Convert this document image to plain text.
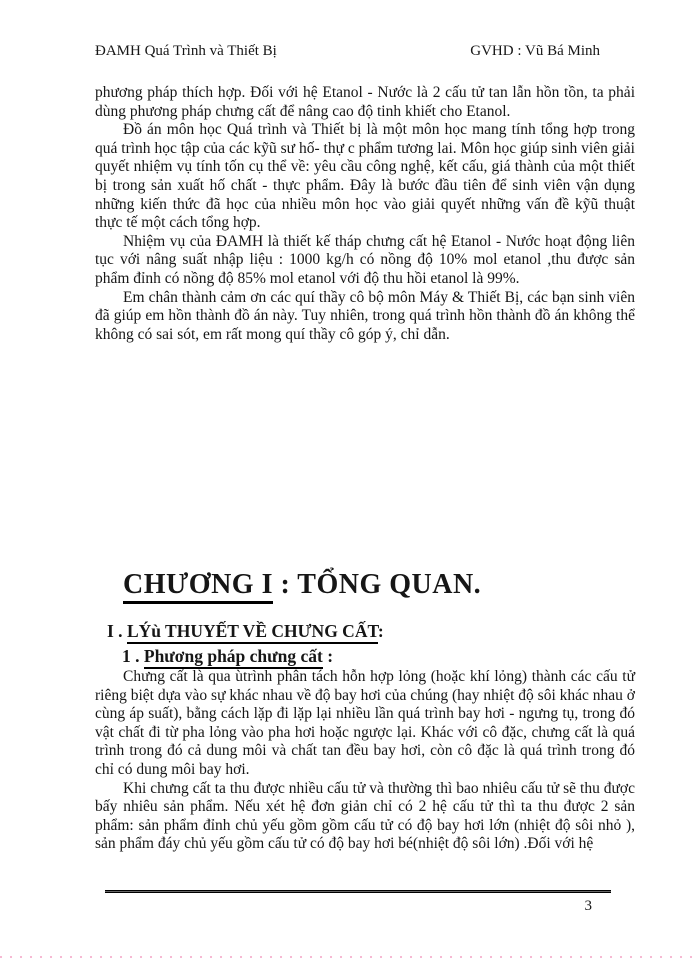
ĐAMH Quá Trình và Thiết Bị	GVHD : Vũ Bá Minh

phương pháp thích hợp. Đối với hệ Etanol - Nước là 2 cấu tử tan lẫn hồn tồn, ta phải dùng phương pháp chưng cất để nâng cao độ tinh khiết cho Etanol.

Đồ án môn học Quá trình và Thiết bị là một môn học mang tính tổng hợp trong quá trình học tập của các kỹũ sư hố- thự c phẩm tương lai. Môn học giúp sinh viên giải quyết nhiệm vụ tính tốn cụ thể về: yêu cầu công nghệ, kết cấu, giá thành của một thiết bị trong sản xuất hố chất - thực phẩm. Đây là bước đầu tiên để sinh viên vận dụng những kiến thức đã học của nhiều môn học vào giải quyết những vấn đề kỹũ thuật thực tế một cách tổng hợp.

Nhiệm vụ của ĐAMH là thiết kế tháp chưng cất hệ Etanol - Nước hoạt động liên tục với nâng suất nhập liệu : 1000 kg/h có nồng độ 10% mol etanol ,thu được sản phẩm đỉnh có nồng độ 85% mol etanol với độ thu hồi etanol là 99%.

Em chân thành cảm ơn các quí thầy cô bộ môn Máy & Thiết Bị, các bạn sinh viên đã giúp em hồn thành đồ án này. Tuy nhiên, trong quá trình hồn thành đồ án không thể không có sai sót, em rất mong quí thầy cô góp ý, chỉ dẫn.

CHƯƠNG I : TỔNG QUAN.
I . LÝù THUYẾT VỀ CHƯNG CẤT:
1 . Phương pháp chưng cất :

Chưng cất là qua ùtrình phân tách hỗn hợp lỏng (hoặc khí lỏng) thành các cấu tử riêng biệt dựa vào sự khác nhau về độ bay hơi của chúng (hay nhiệt độ sôi khác nhau ở cùng áp suất), bằng cách lặp đi lặp lại nhiều lần quá trình bay hơi - ngưng tụ, trong đó vật chất đi từ pha lỏng vào pha hơi hoặc ngược lại. Khác với cô đặc, chưng cất là quá trình trong đó cả dung môi và chất tan đều bay hơi, còn cô đặc là quá trình trong đó chỉ có dung môi bay hơi.

Khi chưng cất ta thu được nhiều cấu tử và thường thì bao nhiêu cấu tử sẽ thu được bấy nhiêu sản phẩm. Nếu xét hệ đơn giản chỉ có 2 hệ cấu tử thì ta thu được 2 sản phẩm: sản phẩm đỉnh chủ yếu gồm gồm cấu tử có độ bay hơi lớn (nhiệt độ sôi nhỏ ), sản phẩm đáy chủ yếu gồm cấu tử có độ bay hơi bé(nhiệt độ sôi lớn) .Đối với hệ

3
